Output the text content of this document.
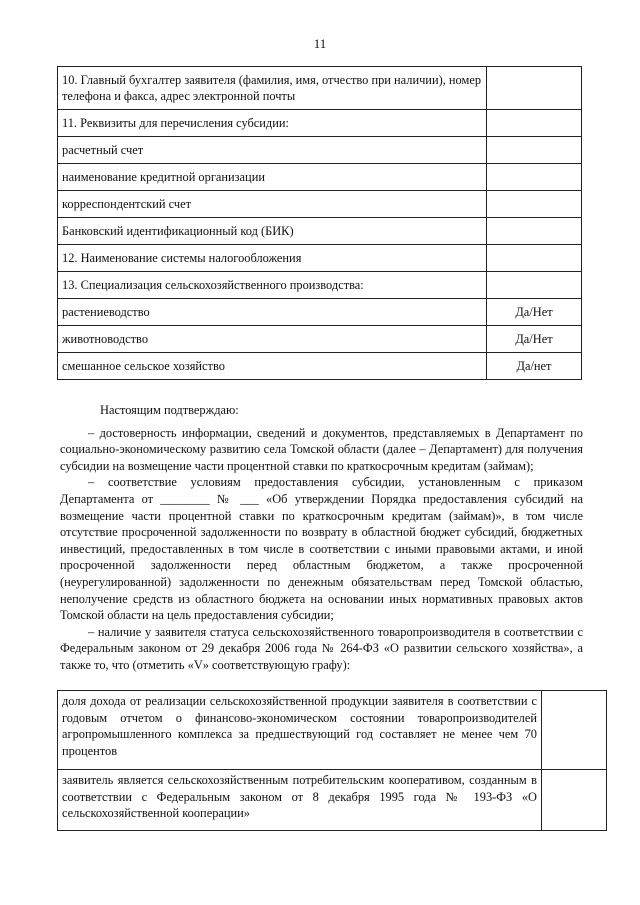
11
10. Главный бухгалтер заявителя (фамилия, имя, отчество при наличии), номер телефона и факса, адрес электронной почты	
11. Реквизиты для перечисления субсидии:	
расчетный счет	
наименование кредитной организации	
корреспондентский счет	
Банковский идентификационный код (БИК)	
12. Наименование системы налогообложения	
13. Специализация сельскохозяйственного производства:	
растениеводство	Да/Нет
животноводство	Да/Нет
смешанное сельское хозяйство	Да/нет

Настоящим подтверждаю:

– достоверность информации, сведений и документов, представляемых в Департамент по социально-экономическому развитию села Томской области (далее – Департамент) для получения субсидии на возмещение части процентной ставки по краткосрочным кредитам (займам);

– соответствие условиям предоставления субсидии, установленным с приказом Департамента от ________ № ___ «Об утверждении Порядка предоставления субсидий на возмещение части процентной ставки по краткосрочным кредитам (займам)», в том числе отсутствие просроченной задолженности по возврату в областной бюджет субсидий, бюджетных инвестиций, предоставленных в том числе в соответствии с иными правовыми актами, и иной просроченной задолженности перед областным бюджетом, а также просроченной (неурегулированной) задолженности по денежным обязательствам перед Томской областью, неполучение средств из областного бюджета на основании иных нормативных правовых актов Томской области на цель предоставления субсидии;

– наличие у заявителя статуса сельскохозяйственного товаропроизводителя в соответствии с Федеральным законом от 29 декабря 2006 года № 264-ФЗ «О развитии сельского хозяйства», а также то, что (отметить «V» соответствующую графу):

доля дохода от реализации сельскохозяйственной продукции заявителя в соответствии с годовым отчетом о финансово-экономическом состоянии товаропроизводителей агропромышленного комплекса за предшествующий год составляет не менее чем 70 процентов	
заявитель является сельскохозяйственным потребительским кооперативом, созданным в соответствии с Федеральным законом от 8 декабря 1995 года № 193-ФЗ «О сельскохозяйственной кооперации»	
